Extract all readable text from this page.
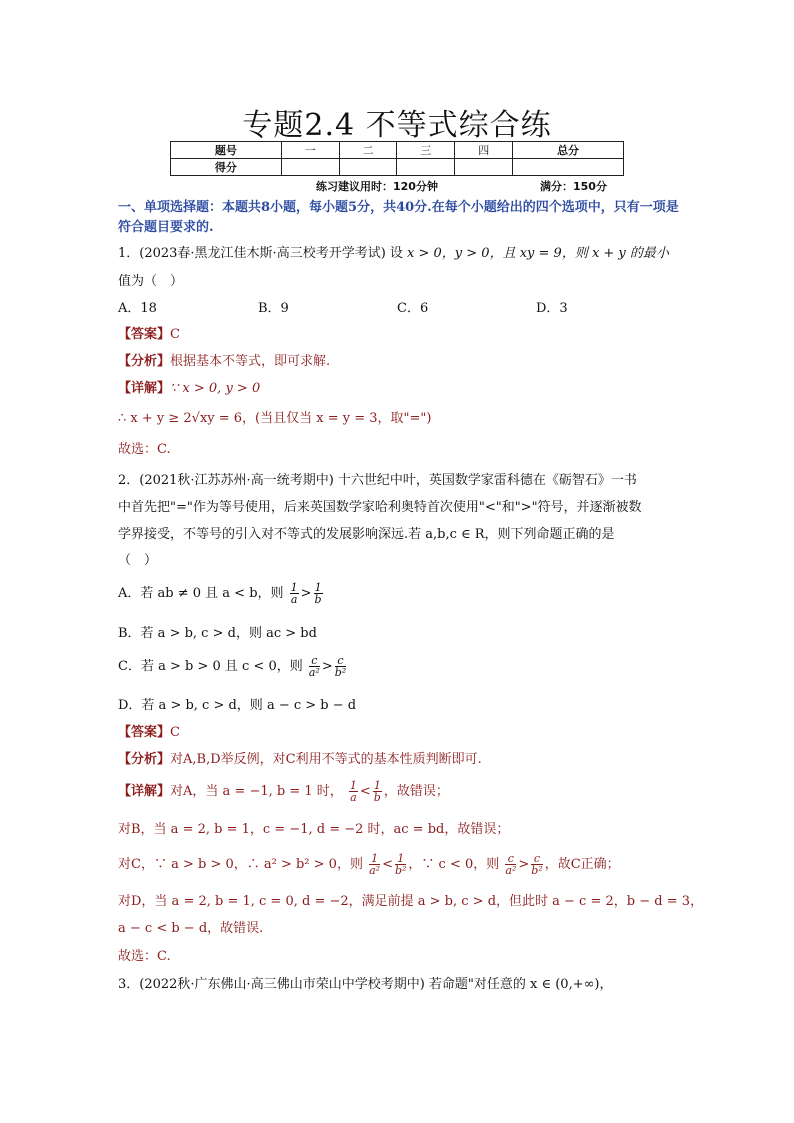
专题2.4 不等式综合练
题号	一	二	三	四	总分
得分					
练习建议用时：120分钟	满分：150分
一、单项选择题：本题共8小题，每小题5分，共40分.在每个小题给出的四个选项中，只有一项是符合题目要求的.
1．(2023春·黑龙江佳木斯·高三校考开学考试) 设 x > 0，y > 0，且 xy = 9，则 x + y 的最小
值为（　）
A．18	B．9	C．6	D．3
【答案】C
【分析】根据基本不等式，即可求解.
【详解】∵ x > 0, y > 0
∴ x + y ≥ 2√xy = 6，(当且仅当 x = y = 3，取"=")
故选：C.
2．(2021秋·江苏苏州·高一统考期中) 十六世纪中叶，英国数学家雷科德在《砺智石》一书
中首先把"="作为等号使用，后来英国数学家哈利奥特首次使用"<"和">"符号，并逐渐被数
学界接受，不等号的引入对不等式的发展影响深远.若 a,b,c ∈ R，则下列命题正确的是
（　）
A．若 ab ≠ 0 且 a < b，则 $\frac{1}{a} > \frac{1}{b}$
B．若 a > b, c > d，则 ac > bd
C．若 a > b > 0 且 c < 0，则 $\frac{c}{\text{a²}} > \frac{c}{\text{b²}}$
D．若 a > b, c > d，则 a − c > b − d
【答案】C
【分析】对A,B,D举反例，对C利用不等式的基本性质判断即可.
【详解】对A，当 a = −1, b = 1 时， $\frac{1}{a} < \frac{1}{b}$ ，故错误；
对B，当 a = 2, b = 1，c = −1, d = −2 时，ac = bd，故错误；
对C，∵ a > b > 0，∴ a² > b² > 0，则 $\frac{1}{\text{a²}} < \frac{1}{\text{b²}}$ ，∵ c < 0，则 $\frac{c}{\text{a²}} > \frac{c}{\text{b²}}$ ，故C正确；
对D，当 a = 2, b = 1, c = 0, d = −2，满足前提 a > b, c > d，但此时 a − c = 2，b − d = 3，
a − c < b − d，故错误.
故选：C.
3．(2022秋·广东佛山·高三佛山市荣山中学校考期中) 若命题"对任意的 x ∈ (0,+∞)，
